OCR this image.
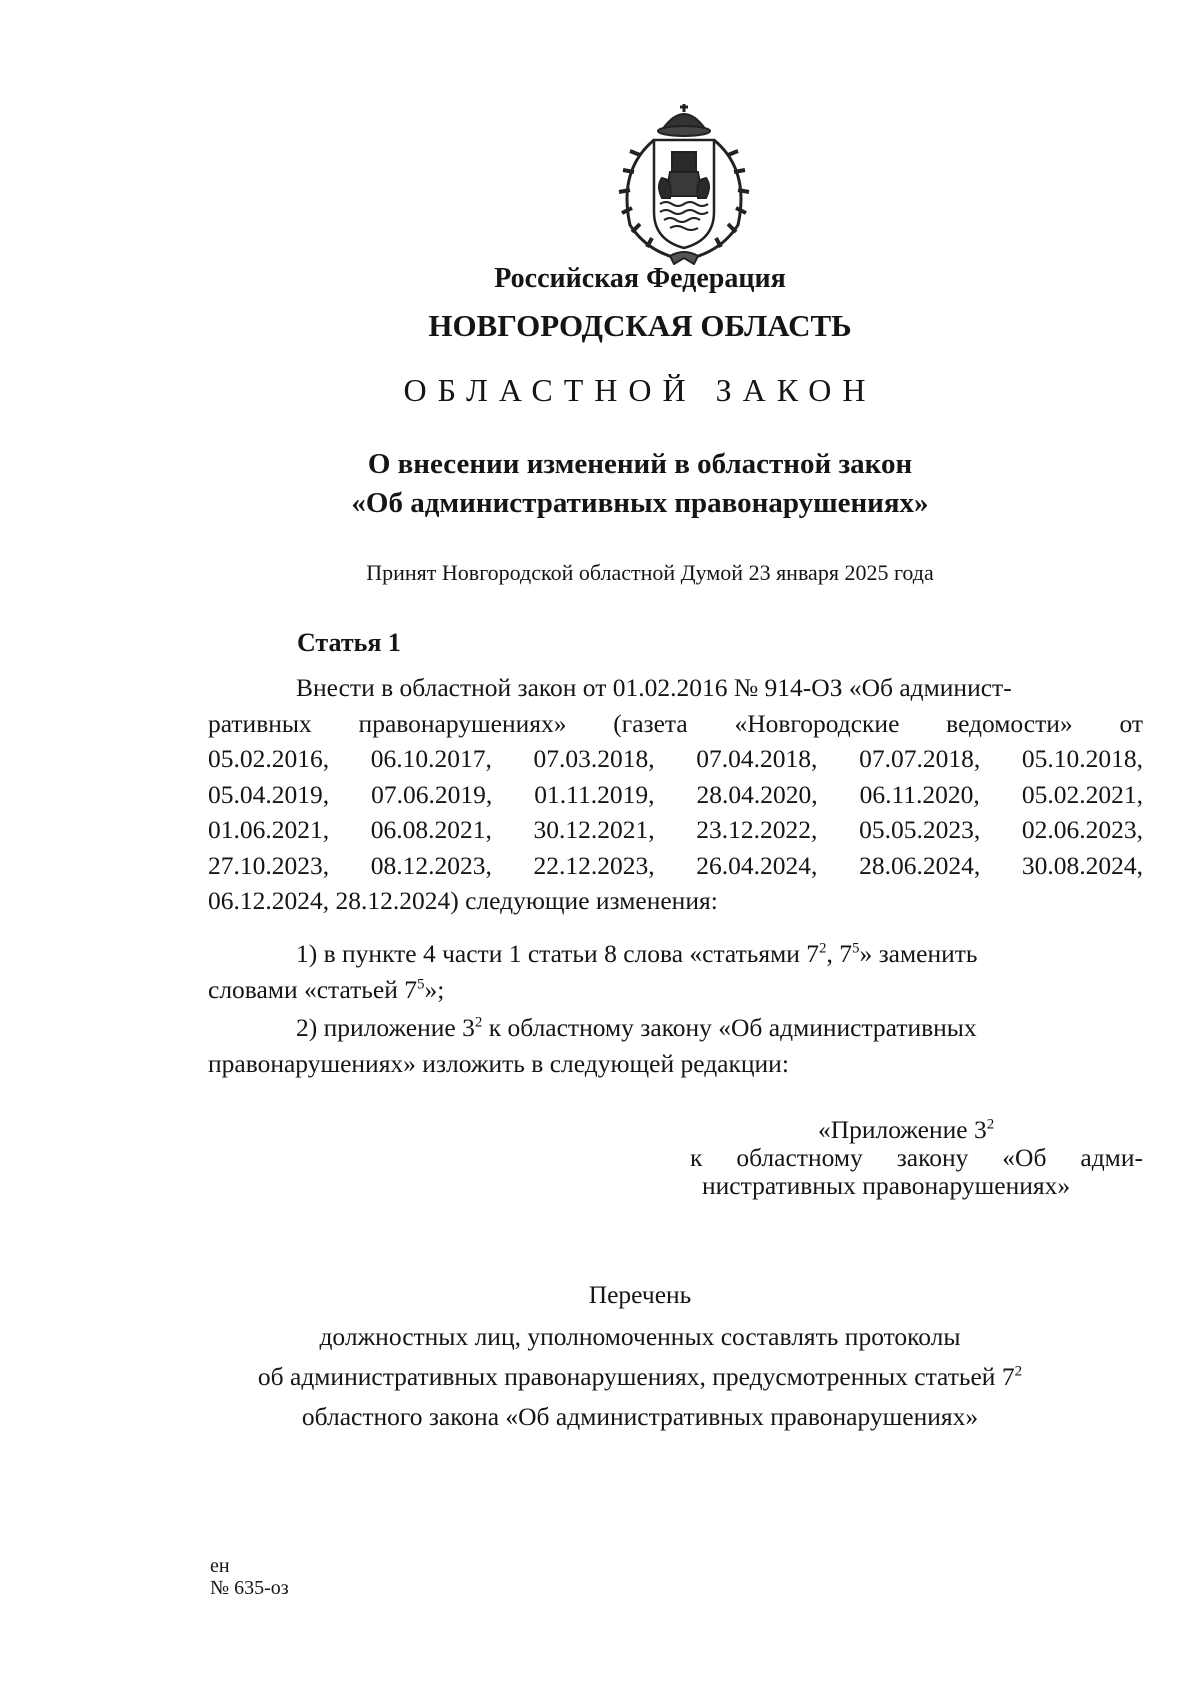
Российская Федерация
НОВГОРОДСКАЯ ОБЛАСТЬ
ОБЛАСТНОЙ ЗАКОН
О внесении изменений в областной закон
«Об административных правонарушениях»
Принят Новгородской областной Думой 23 января 2025 года
Статья 1
Внести в областной закон от 01.02.2016 № 914-ОЗ «Об админист-
ративных правонарушениях» (газета «Новгородские ведомости» от
05.02.2016, 06.10.2017, 07.03.2018, 07.04.2018, 07.07.2018, 05.10.2018,
05.04.2019, 07.06.2019, 01.11.2019, 28.04.2020, 06.11.2020, 05.02.2021,
01.06.2021, 06.08.2021, 30.12.2021, 23.12.2022, 05.05.2023, 02.06.2023,
27.10.2023, 08.12.2023, 22.12.2023, 26.04.2024, 28.06.2024, 30.08.2024,
06.12.2024, 28.12.2024) следующие изменения:
1) в пункте 4 части 1 статьи 8 слова «статьями $7^2$, $7^5$» заменить
словами «статьей $7^5$»;
2) приложение $3^2$ к областному закону «Об административных
правонарушениях» изложить в следующей редакции:
«Приложение $3^2$
к областному закону «Об адми-
нистративных правонарушениях»
Перечень
должностных лиц, уполномоченных составлять протоколы
об административных правонарушениях, предусмотренных статьей $7^2$
областного закона «Об административных правонарушениях»
ен
№ 635-оз
